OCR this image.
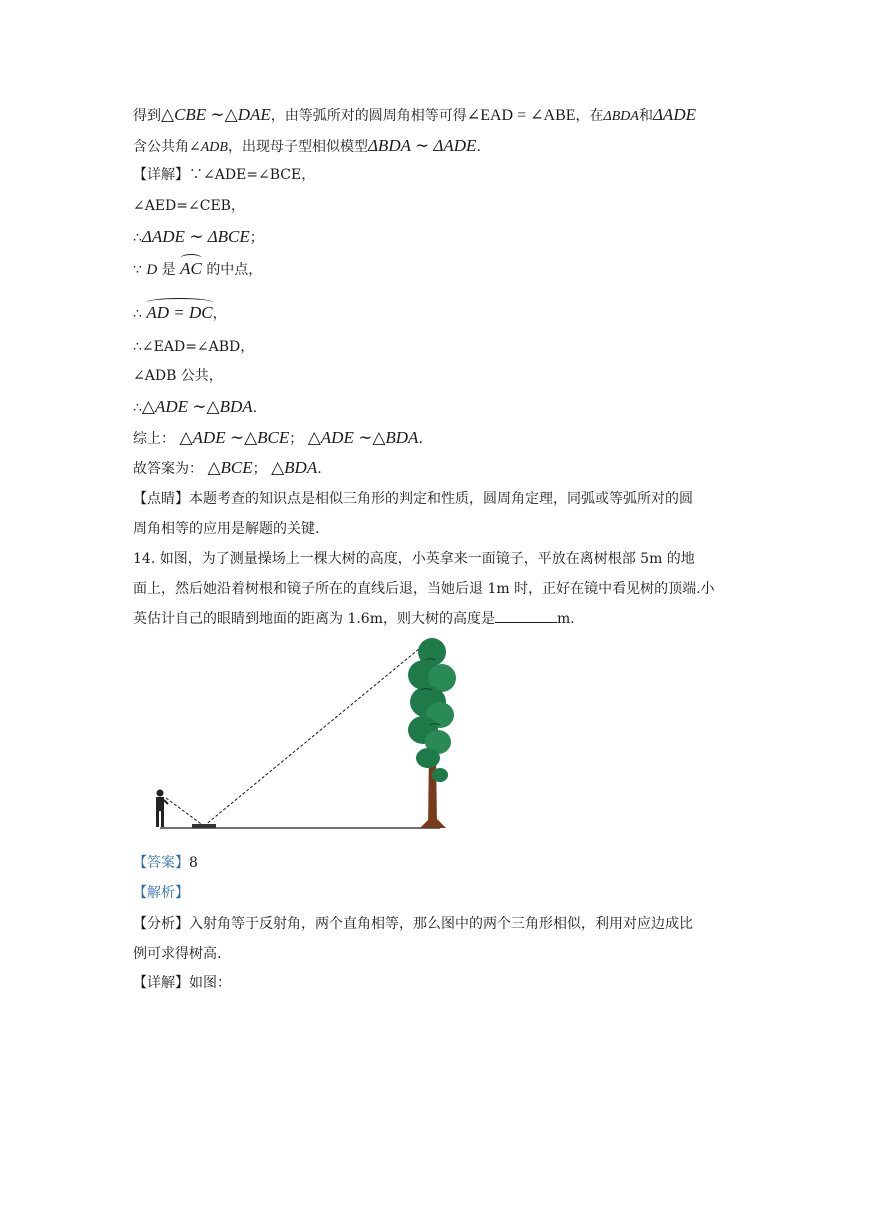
得到△CBE ∼△DAE，由等弧所对的圆周角相等可得∠EAD = ∠ABE，在ΔBDA和ΔADE
含公共角∠ADB，出现母子型相似模型ΔBDA ∼ ΔADE.
【详解】∵∠ADE=∠BCE，
∠AED=∠CEB，
∴ΔADE ∼ ΔBCE；
∵ D 是 AC 的中点，
∴ AD = DC，
∴∠EAD=∠ABD，
∠ADB 公共，
∴△ADE ∼△BDA.
综上： △ADE ∼△BCE； △ADE ∼△BDA.
故答案为： △BCE； △BDA.
【点睛】本题考查的知识点是相似三角形的判定和性质，圆周角定理，同弧或等弧所对的圆
周角相等的应用是解题的关键.
14. 如图，为了测量操场上一棵大树的高度，小英拿来一面镜子，平放在离树根部 5m 的地
面上，然后她沿着树根和镜子所在的直线后退，当她后退 1m 时，正好在镜中看见树的顶端.小
英估计自己的眼睛到地面的距离为 1.6m，则大树的高度是	m.
【答案】8
【解析】
【分析】入射角等于反射角，两个直角相等，那么图中的两个三角形相似，利用对应边成比
例可求得树高.
【详解】如图：
